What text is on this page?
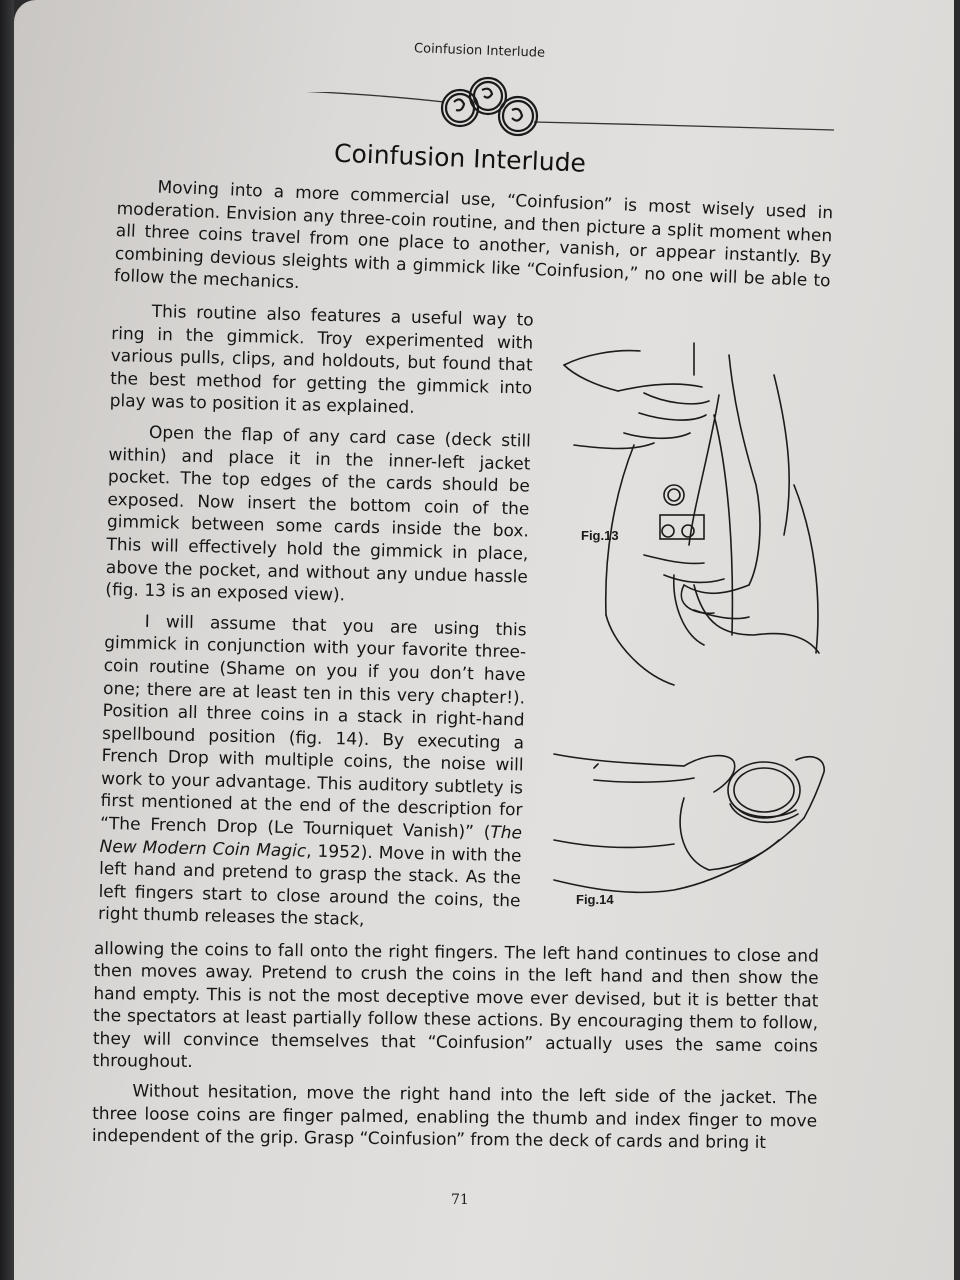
Coinfusion Interlude
Coinfusion Interlude

Moving into a more commercial use, “Coinfusion” is most wisely used in moderation. Envision any three-coin routine, and then picture a split moment when all three coins travel from one place to another, vanish, or appear instantly. By combining devious sleights with a gimmick like “Coinfusion,” no one will be able to follow the mechanics.

This routine also features a useful way to ring in the gimmick. Troy experimented with various pulls, clips, and holdouts, but found that the best method for getting the gimmick into play was to position it as explained.

Open the flap of any card case (deck still within) and place it in the inner-left jacket pocket. The top edges of the cards should be exposed. Now insert the bottom coin of the gimmick between some cards inside the box. This will effectively hold the gimmick in place, above the pocket, and without any undue hassle (fig. 13 is an exposed view).

I will assume that you are using this gimmick in conjunction with your favorite three-coin routine (Shame on you if you don’t have one; there are at least ten in this very chapter!). Position all three coins in a stack in right-hand spellbound position (fig. 14). By executing a French Drop with multiple coins, the noise will work to your advantage. This auditory subtlety is first mentioned at the end of the description for “The French Drop (Le Tourniquet Vanish)” (The New Modern Coin Magic, 1952). Move in with the left hand and pretend to grasp the stack. As the left fingers start to close around the coins, the right thumb releases the stack,

allowing the coins to fall onto the right fingers. The left hand continues to close and then moves away. Pretend to crush the coins in the left hand and then show the hand empty. This is not the most deceptive move ever devised, but it is better that the spectators at least partially follow these actions. By encouraging them to follow, they will convince themselves that “Coinfusion” actually uses the same coins throughout.

Without hesitation, move the right hand into the left side of the jacket. The three loose coins are finger palmed, enabling the thumb and index finger to move independent of the grip. Grasp “Coinfusion” from the deck of cards and bring it

Fig.13
Fig.14
71
